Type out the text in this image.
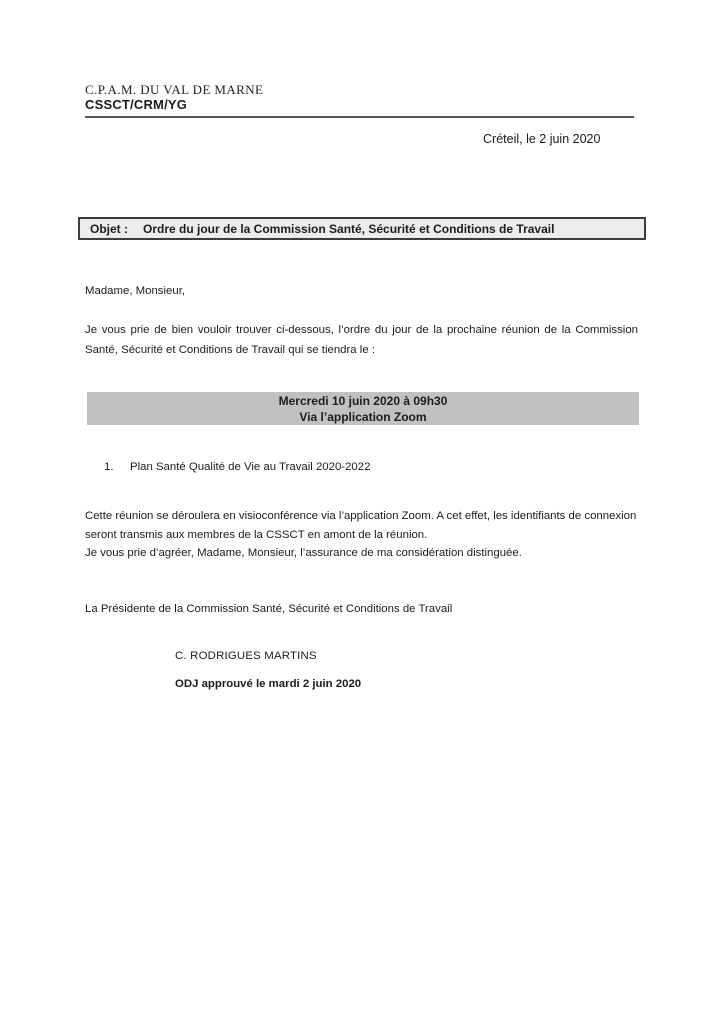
C.P.A.M. DU VAL DE MARNE
CSSCT/CRM/YG
Créteil, le 2 juin 2020
Objet : Ordre du jour de la Commission Santé, Sécurité et Conditions de Travail
Madame, Monsieur,
Je vous prie de bien vouloir trouver ci-dessous, l’ordre du jour de la prochaine réunion de la Commission Santé, Sécurité et Conditions de Travail qui se tiendra le :
Mercredi 10 juin 2020 à 09h30
Via l’application Zoom
1.	Plan Santé Qualité de Vie au Travail 2020-2022
Cette réunion se déroulera en visioconférence via l’application Zoom. A cet effet, les identifiants de connexion seront transmis aux membres de la CSSCT en amont de la réunion.
Je vous prie d’agréer, Madame, Monsieur, l’assurance de ma considération distinguée.
La Présidente de la Commission Santé, Sécurité et Conditions de Travail
C. RODRIGUES MARTINS
ODJ approuvé le mardi 2 juin 2020
